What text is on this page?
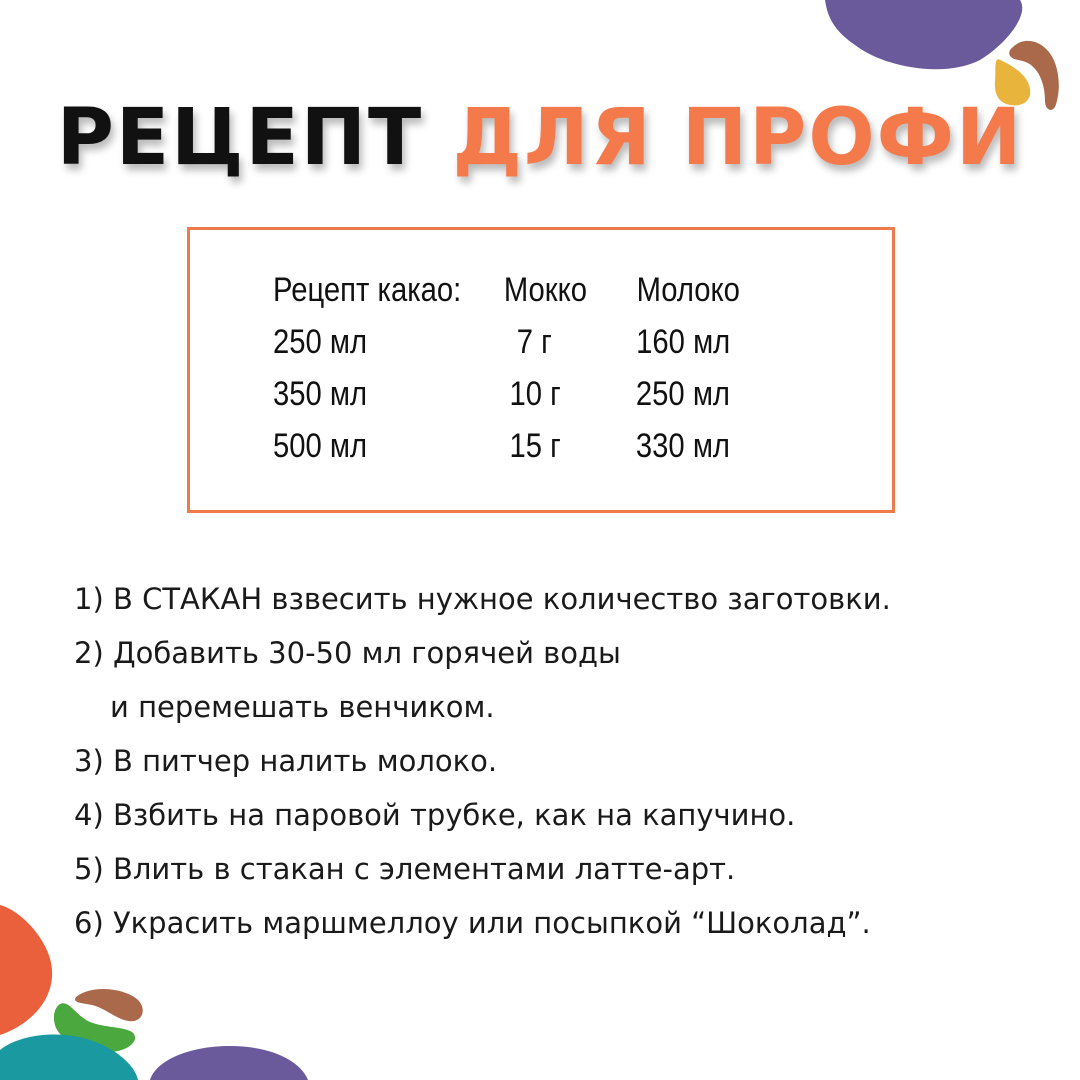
РЕЦЕПТ ДЛЯ ПРОФИ
Рецепт какао:	Мокко	Молоко
250 мл	7 г	160 мл
350 мл	10 г	250 мл
500 мл	15 г	330 мл
1) В СТАКАН взвесить нужное количество заготовки.
2) Добавить 30-50 мл горячей воды
и перемешать венчиком.
3) В питчер налить молоко.
4) Взбить на паровой трубке, как на капучино.
5) Влить в стакан с элементами латте-арт.
6) Украсить маршмеллоу или посыпкой “Шоколад”.
